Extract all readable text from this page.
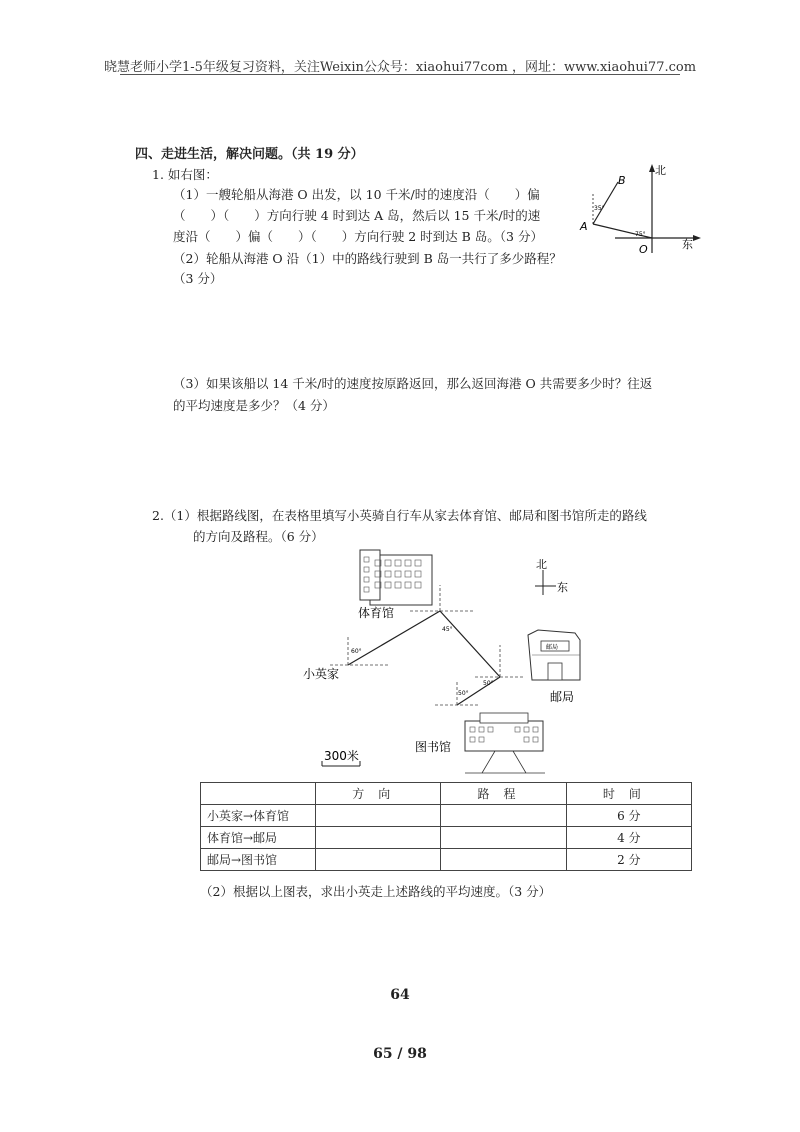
晓慧老师小学1-5年级复习资料，关注Weixin公众号：xiaohui77com ，网址：www.xiaohui77.com
四、走进生活，解决问题。（共 19 分）
1. 如右图：
（1）一艘轮船从海港 O 出发，以 10 千米/时的速度沿（　　）偏
（　　）（　　）方向行驶 4 时到达 A 岛，然后以 15 千米/时的速
度沿（　　）偏（　　）（　　）方向行驶 2 时到达 B 岛。（3 分）
（2）轮船从海港 O 沿（1）中的路线行驶到 B 岛一共行了多少路程？
（3 分）
（3）如果该船以 14 千米/时的速度按原路返回，那么返回海港 O 共需要多少时？往返
的平均速度是多少？（4 分）
北
东
B
A
O
35°
75°
2.（1）根据路线图，在表格里填写小英骑自行车从家去体育馆、邮局和图书馆所走的路线
的方向及路程。（6 分）
北
东
体育馆
小英家
邮局
图书馆
60°
45°
50°
50°
邮局
300米
	方向	路程	时间
小英家→体育馆			6 分
体育馆→邮局			4 分
邮局→图书馆			2 分
（2）根据以上图表，求出小英走上述路线的平均速度。（3 分）
64
65 / 98
